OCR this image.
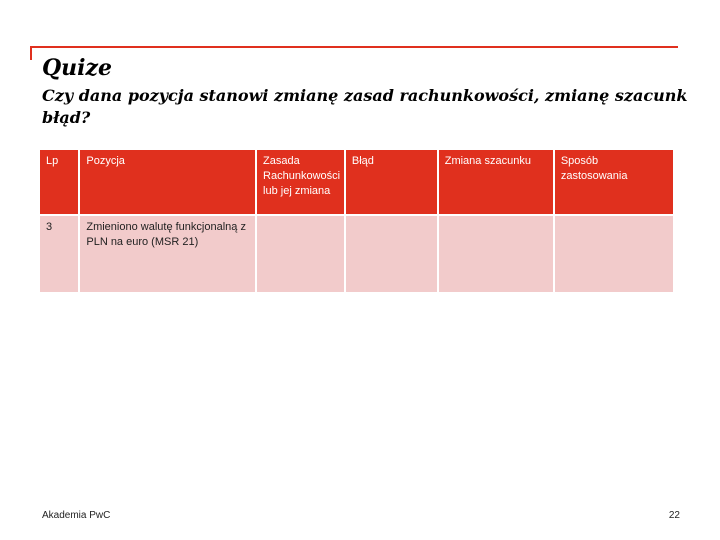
Quize
Czy dana pozycja stanowi zmianę zasad rachunkowości, zmianę szacunk
błąd?
Lp	Pozycja	Zasada Rachunkowości lub jej zmiana	Błąd	Zmiana szacunku	Sposób zastosowania
3	Zmieniono walutę funkcjonalną z PLN na euro (MSR 21)				
Akademia PwC	22
